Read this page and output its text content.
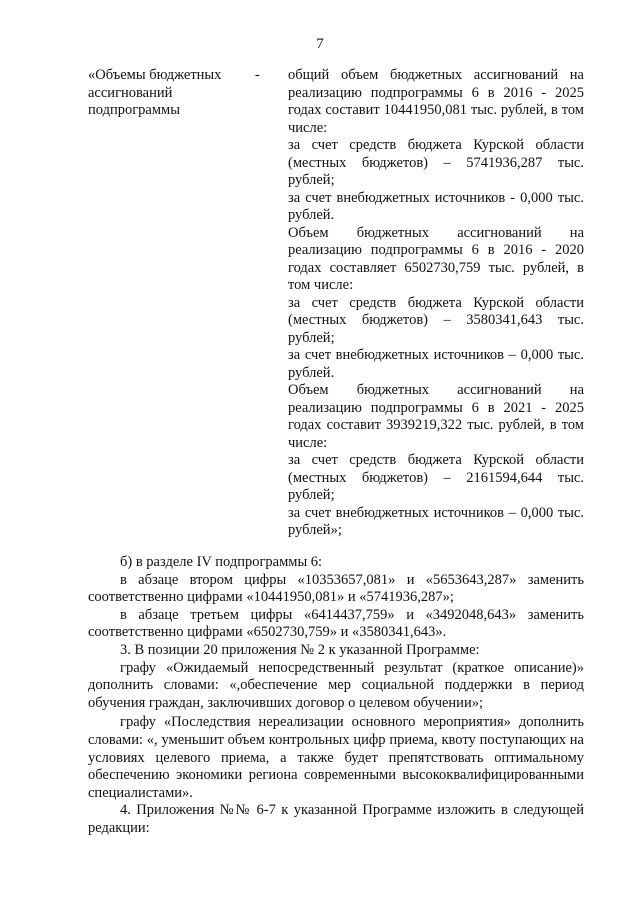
7
«Объемы бюджетных ассигнований подпрограммы
- общий объем бюджетных ассигнований на реализацию подпрограммы 6 в 2016 - 2025 годах составит 10441950,081 тыс. рублей, в том числе:

за счет средств бюджета Курской области (местных бюджетов) – 5741936,287 тыс. рублей;

за счет внебюджетных источников - 0,000 тыс. рублей.

Объем бюджетных ассигнований на реализацию подпрограммы 6 в 2016 - 2020 годах составляет 6502730,759 тыс. рублей, в том числе:

за счет средств бюджета Курской области (местных бюджетов) – 3580341,643 тыс. рублей;

за счет внебюджетных источников – 0,000 тыс. рублей.

Объем бюджетных ассигнований на реализацию подпрограммы 6 в 2021 - 2025 годах составит 3939219,322 тыс. рублей, в том числе:

за счет средств бюджета Курской области (местных бюджетов) – 2161594,644 тыс. рублей;

за счет внебюджетных источников – 0,000 тыс. рублей»;

б) в разделе IV подпрограммы 6:

в абзаце втором цифры «10353657,081» и «5653643,287» заменить соответственно цифрами «10441950,081» и «5741936,287»;

в абзаце третьем цифры «6414437,759» и «3492048,643» заменить соответственно цифрами «6502730,759» и «3580341,643».

3. В позиции 20 приложения № 2 к указанной Программе:

графу «Ожидаемый непосредственный результат (краткое описание)» дополнить словами: «,обеспечение мер социальной поддержки в период обучения граждан, заключивших договор о целевом обучении»;

графу «Последствия нереализации основного мероприятия» дополнить словами: «, уменьшит объем контрольных цифр приема, квоту поступающих на условиях целевого приема, а также будет препятствовать оптимальному обеспечению экономики региона современными высококвалифицированными специалистами».

4. Приложения №№ 6-7 к указанной Программе изложить в следующей редакции:
